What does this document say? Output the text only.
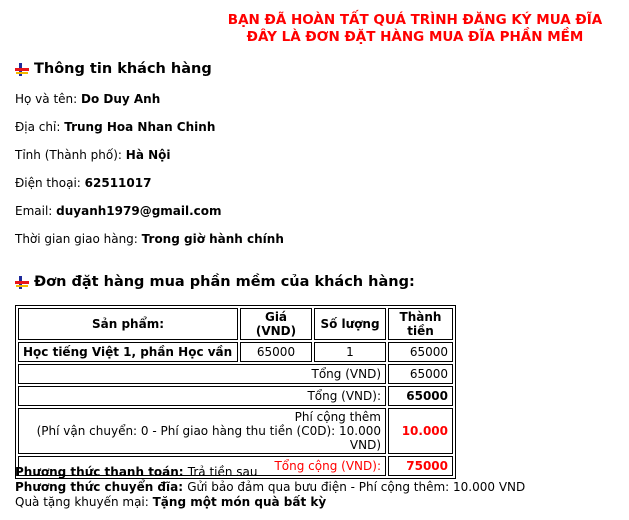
BẠN ĐÃ HOÀN TẤT QUÁ TRÌNH ĐĂNG KÝ MUA ĐĨA
ĐÂY LÀ ĐƠN ĐẶT HÀNG MUA ĐĨA PHẦN MỀM
Thông tin khách hàng
Họ và tên: Do Duy Anh
Địa chỉ: Trung Hoa Nhan Chinh
Tỉnh (Thành phố): Hà Nội
Điện thoại: 62511017
Email: duyanh1979@gmail.com
Thời gian giao hàng: Trong giờ hành chính
Đơn đặt hàng mua phần mềm của khách hàng:
Sản phẩm:	Giá (VND)	Số lượng	Thành tiền
Học tiếng Việt 1, phần Học vần	65000	1	65000
Tổng (VND)			65000
Tổng (VND):			65000

Phí cộng thêm
(Phí vận chuyển: 0 - Phí giao hàng thu tiền (C0D): 10.000 VND)			10.000
Tổng cộng (VND):			75000
Phương thức thanh toán: Trả tiền sau
Phương thức chuyển đĩa: Gửi bảo đảm qua bưu điện - Phí cộng thêm: 10.000 VND
Quà tặng khuyến mại: Tặng một món quà bất kỳ
